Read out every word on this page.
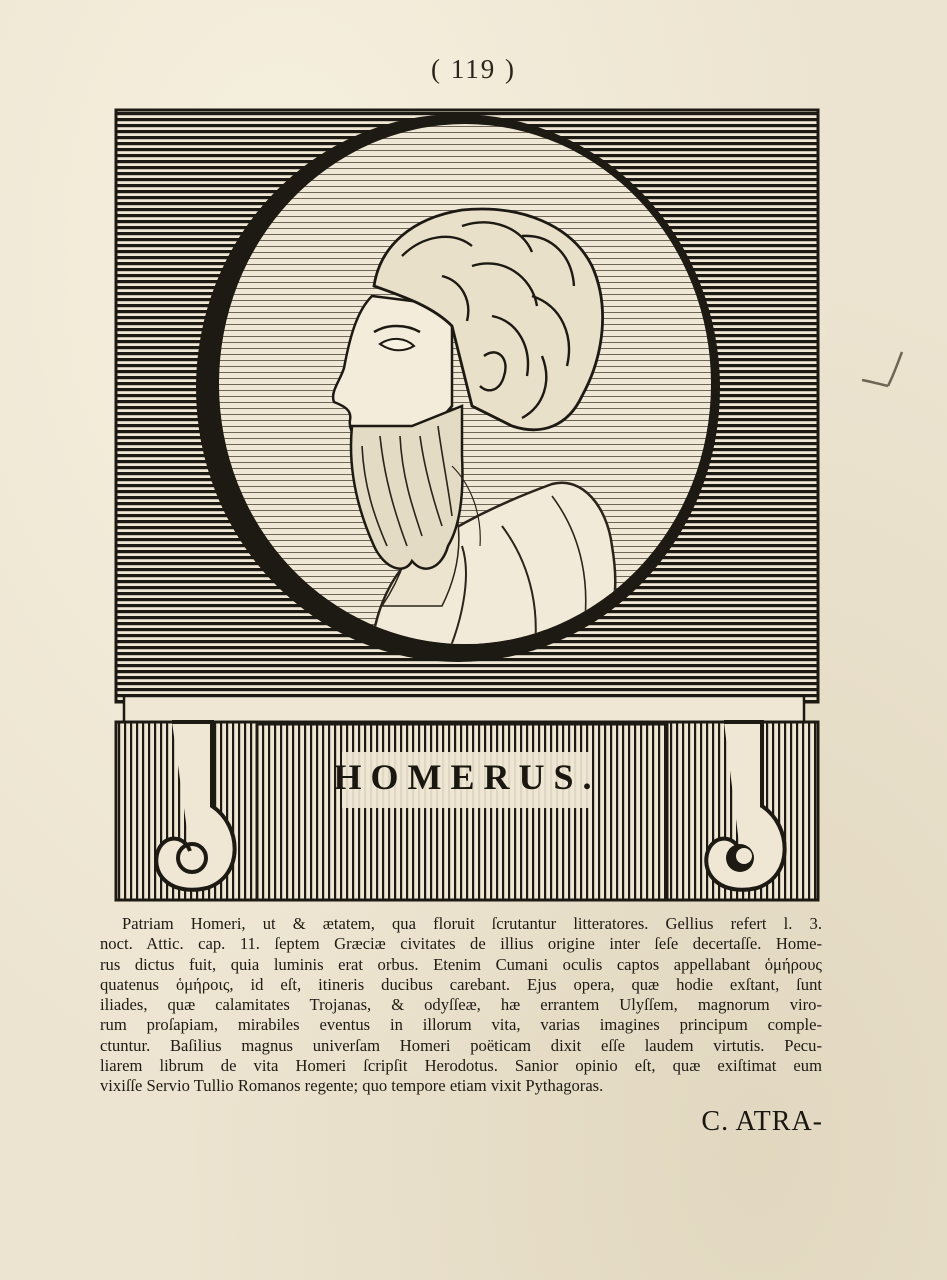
( 119 )
HOMERUS.
Patriam Homeri, ut & ætatem, qua floruit ſcrutantur litteratores. Gellius refert l. 3.
noct. Attic. cap. 11. ſeptem Græciæ civitates de illius origine inter ſeſe decertaſſe. Home-
rus dictus fuit, quia luminis erat orbus. Etenim Cumani oculis captos appellabant ὁμήρους
quatenus ὁμήροις, id eſt, itineris ducibus carebant. Ejus opera, quæ hodie exſtant, ſunt
iliades, quæ calamitates Trojanas, & odyſſeæ, hæ errantem Ulyſſem, magnorum viro-
rum proſapiam, mirabiles eventus in illorum vita, varias imagines principum comple-
ctuntur. Baſilius magnus univerſam Homeri poëticam dixit eſſe laudem virtutis. Pecu-
liarem librum de vita Homeri ſcripſit Herodotus. Sanior opinio eſt, quæ exiſtimat eum
vixiſſe Servio Tullio Romanos regente; quo tempore etiam vixit Pythagoras.
C. ATRA-
